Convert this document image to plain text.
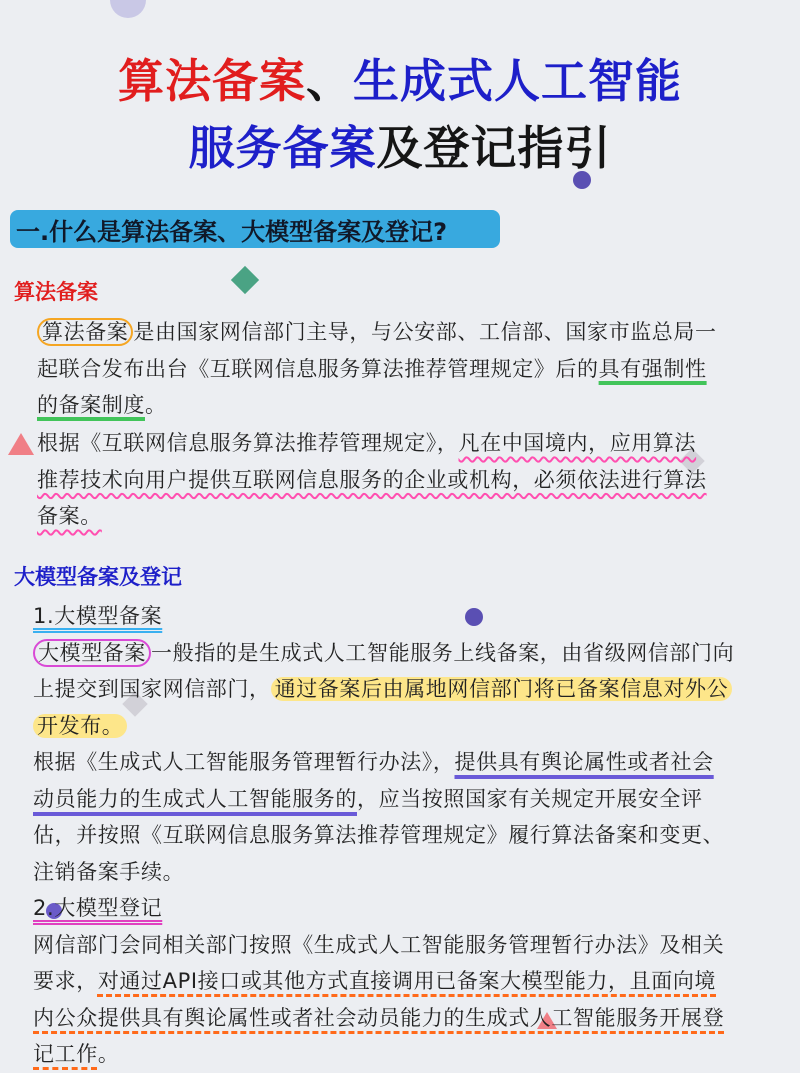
算法备案、生成式人工智能
服务备案及登记指引
一.什么是算法备案、大模型备案及登记?
算法备案
算法备案 是由国家网信部门主导，与公安部、工信部、国家市监总局一
起联合发布出台《互联网信息服务算法推荐管理规定》后的具有强制性
的备案制度。
根据《互联网信息服务算法推荐管理规定》，凡在中国境内，应用算法
推荐技术向用户提供互联网信息服务的企业或机构，必须依法进行算法
备案。
大模型备案及登记
1.大模型备案
大模型备案 一般指的是生成式人工智能服务上线备案，由省级网信部门向
上提交到国家网信部门， 通过备案后由属地网信部门将已备案信息对外公
开发布。
根据《生成式人工智能服务管理暂行办法》，提供具有舆论属性或者社会
动员能力的生成式人工智能服务的，应当按照国家有关规定开展安全评
估，并按照《互联网信息服务算法推荐管理规定》履行算法备案和变更、
注销备案手续。
2.大模型登记
网信部门会同相关部门按照《生成式人工智能服务管理暂行办法》及相关
要求，对通过API接口或其他方式直接调用已备案大模型能力，且面向境
内公众提供具有舆论属性或者社会动员能力的生成式人工智能服务开展登
记工作。
